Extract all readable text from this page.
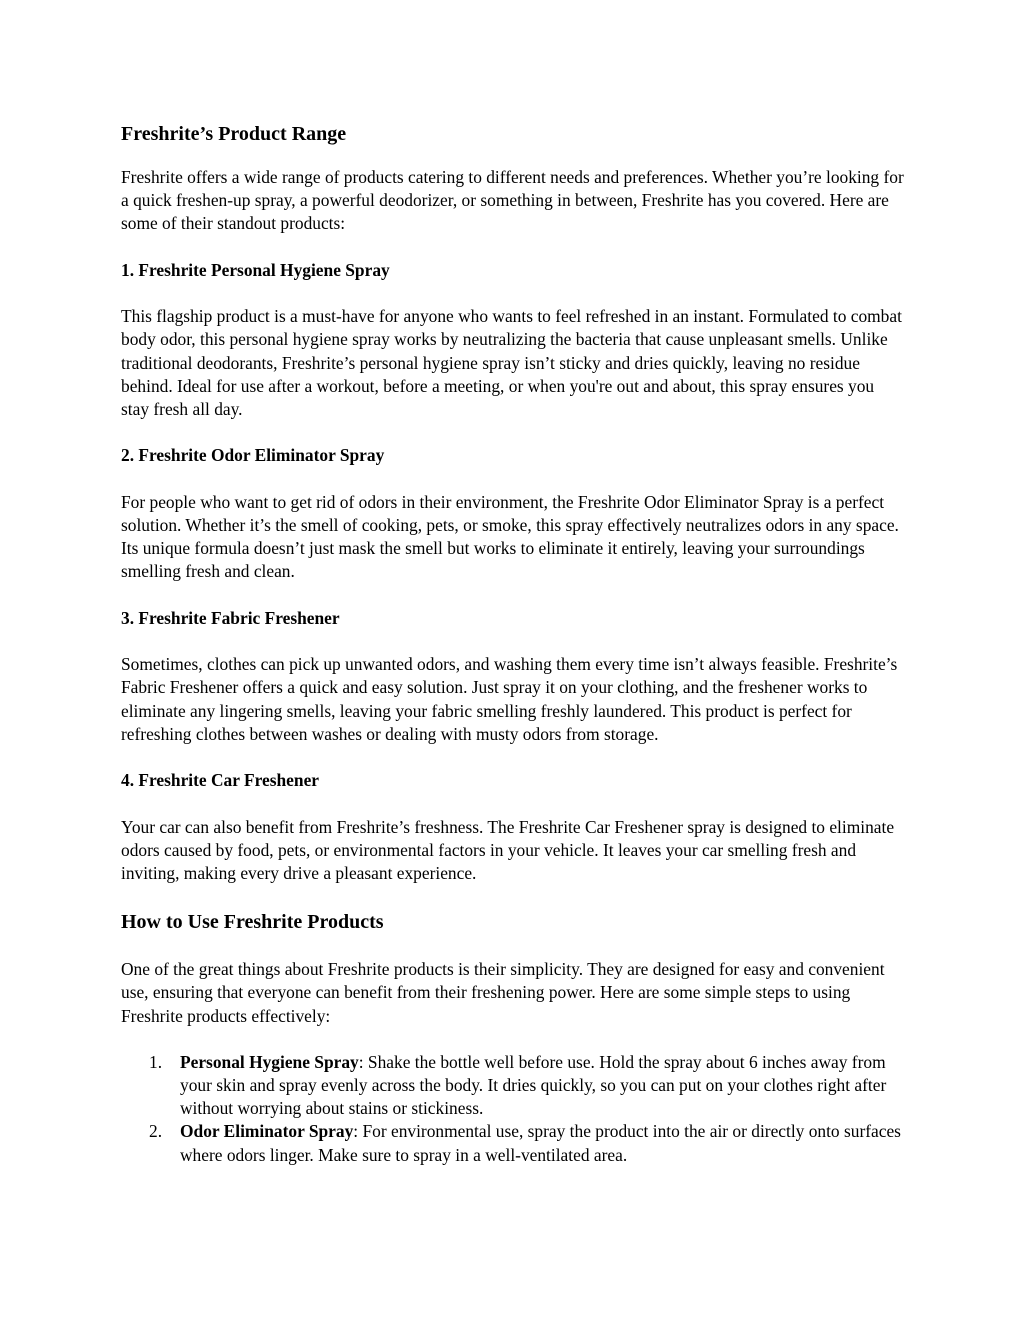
Freshrite’s Product Range

Freshrite offers a wide range of products catering to different needs and preferences. Whether you’re looking for a quick freshen-up spray, a powerful deodorizer, or something in between, Freshrite has you covered. Here are some of their standout products:

1. Freshrite Personal Hygiene Spray

This flagship product is a must-have for anyone who wants to feel refreshed in an instant. Formulated to combat body odor, this personal hygiene spray works by neutralizing the bacteria that cause unpleasant smells. Unlike traditional deodorants, Freshrite’s personal hygiene spray isn’t sticky and dries quickly, leaving no residue behind. Ideal for use after a workout, before a meeting, or when you're out and about, this spray ensures you stay fresh all day.

2. Freshrite Odor Eliminator Spray

For people who want to get rid of odors in their environment, the Freshrite Odor Eliminator Spray is a perfect solution. Whether it’s the smell of cooking, pets, or smoke, this spray effectively neutralizes odors in any space. Its unique formula doesn’t just mask the smell but works to eliminate it entirely, leaving your surroundings smelling fresh and clean.

3. Freshrite Fabric Freshener

Sometimes, clothes can pick up unwanted odors, and washing them every time isn’t always feasible. Freshrite’s Fabric Freshener offers a quick and easy solution. Just spray it on your clothing, and the freshener works to eliminate any lingering smells, leaving your fabric smelling freshly laundered. This product is perfect for refreshing clothes between washes or dealing with musty odors from storage.

4. Freshrite Car Freshener

Your car can also benefit from Freshrite’s freshness. The Freshrite Car Freshener spray is designed to eliminate odors caused by food, pets, or environmental factors in your vehicle. It leaves your car smelling fresh and inviting, making every drive a pleasant experience.

How to Use Freshrite Products

One of the great things about Freshrite products is their simplicity. They are designed for easy and convenient use, ensuring that everyone can benefit from their freshening power. Here are some simple steps to using Freshrite products effectively:

1. Personal Hygiene Spray: Shake the bottle well before use. Hold the spray about 6 inches away from your skin and spray evenly across the body. It dries quickly, so you can put on your clothes right after without worrying about stains or stickiness.
2. Odor Eliminator Spray: For environmental use, spray the product into the air or directly onto surfaces where odors linger. Make sure to spray in a well-ventilated area.
